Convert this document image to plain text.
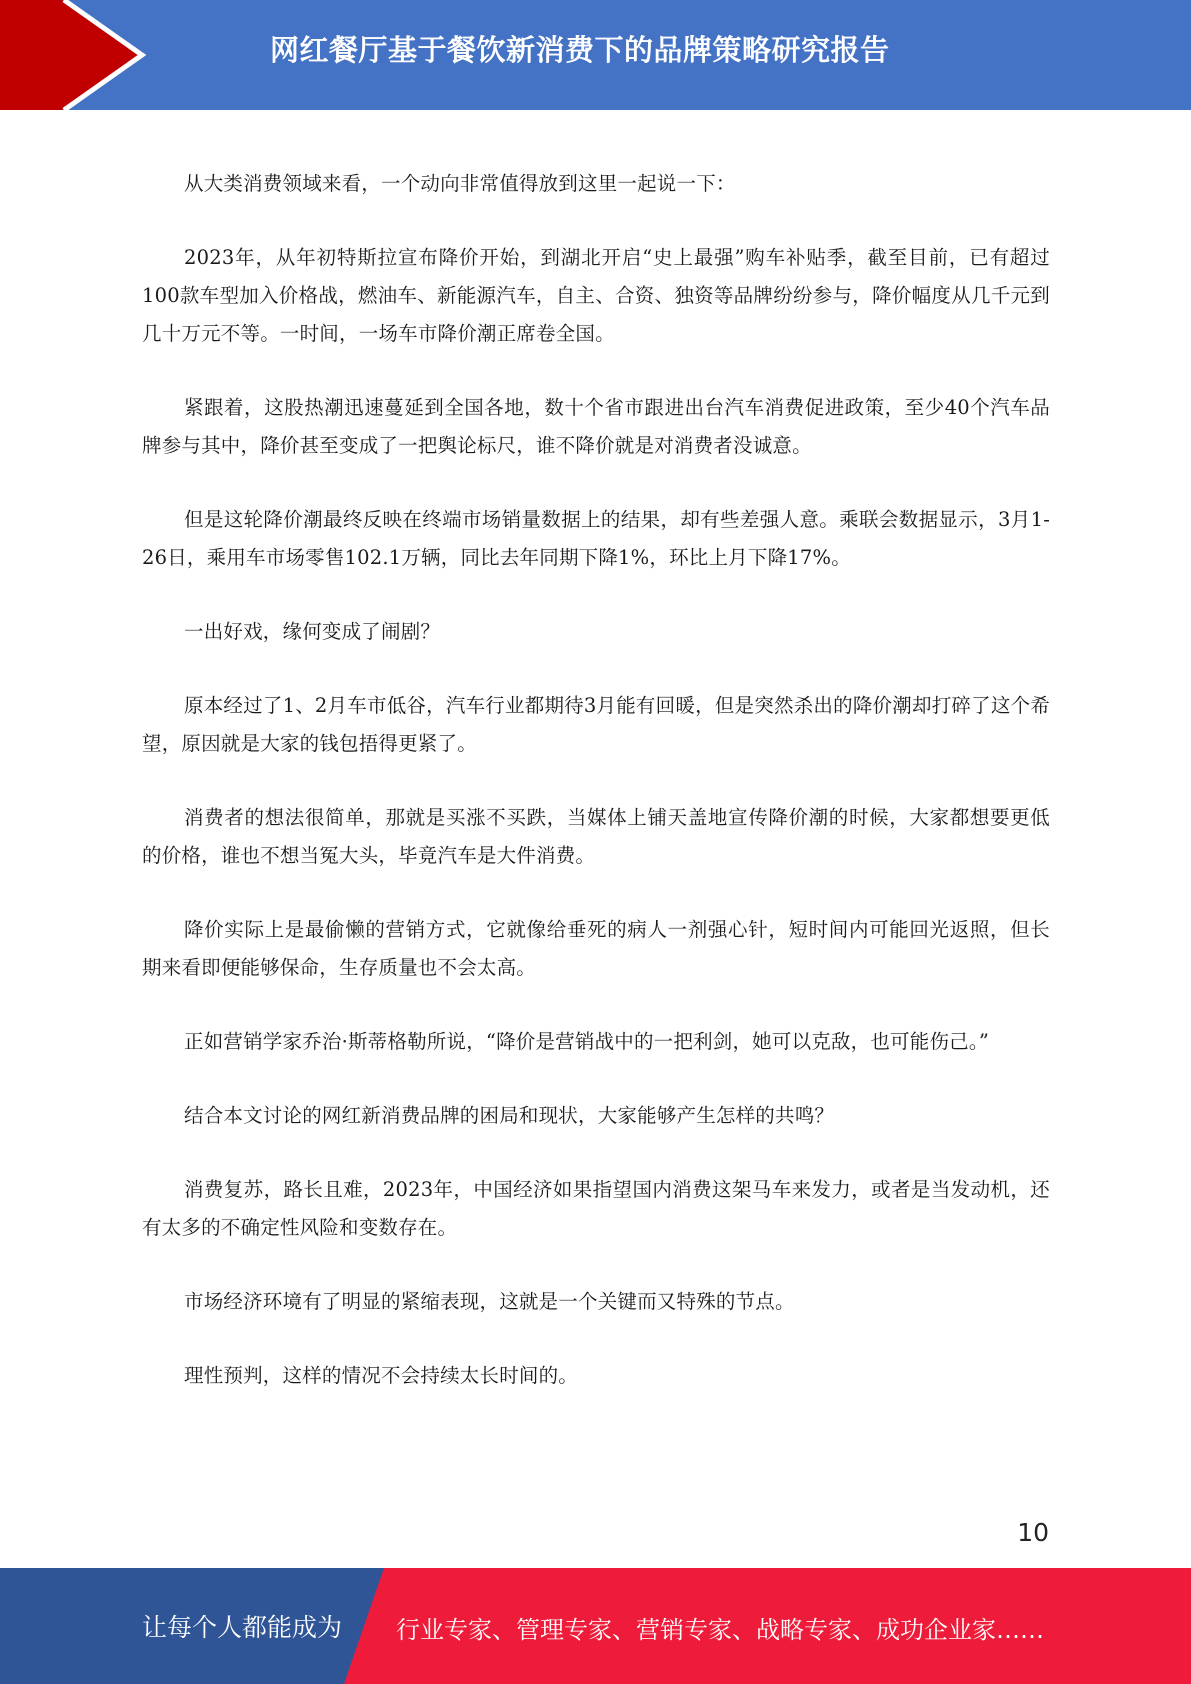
网红餐厅基于餐饮新消费下的品牌策略研究报告

从大类消费领域来看，一个动向非常值得放到这里一起说一下：

2023年，从年初特斯拉宣布降价开始，到湖北开启“史上最强”购车补贴季，截至目前，已有超过100款车型加入价格战，燃油车、新能源汽车，自主、合资、独资等品牌纷纷参与，降价幅度从几千元到几十万元不等。一时间，一场车市降价潮正席卷全国。

紧跟着，这股热潮迅速蔓延到全国各地，数十个省市跟进出台汽车消费促进政策，至少40个汽车品牌参与其中，降价甚至变成了一把舆论标尺，谁不降价就是对消费者没诚意。

但是这轮降价潮最终反映在终端市场销量数据上的结果，却有些差强人意。乘联会数据显示，3月1-26日，乘用车市场零售102.1万辆，同比去年同期下降1%，环比上月下降17%。

一出好戏，缘何变成了闹剧？

原本经过了1、2月车市低谷，汽车行业都期待3月能有回暖，但是突然杀出的降价潮却打碎了这个希望，原因就是大家的钱包捂得更紧了。

消费者的想法很简单，那就是买涨不买跌，当媒体上铺天盖地宣传降价潮的时候，大家都想要更低的价格，谁也不想当冤大头，毕竟汽车是大件消费。

降价实际上是最偷懒的营销方式，它就像给垂死的病人一剂强心针，短时间内可能回光返照，但长期来看即便能够保命，生存质量也不会太高。

正如营销学家乔治·斯蒂格勒所说，“降价是营销战中的一把利剑，她可以克敌，也可能伤己。”

结合本文讨论的网红新消费品牌的困局和现状，大家能够产生怎样的共鸣？

消费复苏，路长且难，2023年，中国经济如果指望国内消费这架马车来发力，或者是当发动机，还有太多的不确定性风险和变数存在。

市场经济环境有了明显的紧缩表现，这就是一个关键而又特殊的节点。

理性预判，这样的情况不会持续太长时间的。

10
让每个人都能成为 行业专家、管理专家、营销专家、战略专家、成功企业家……
